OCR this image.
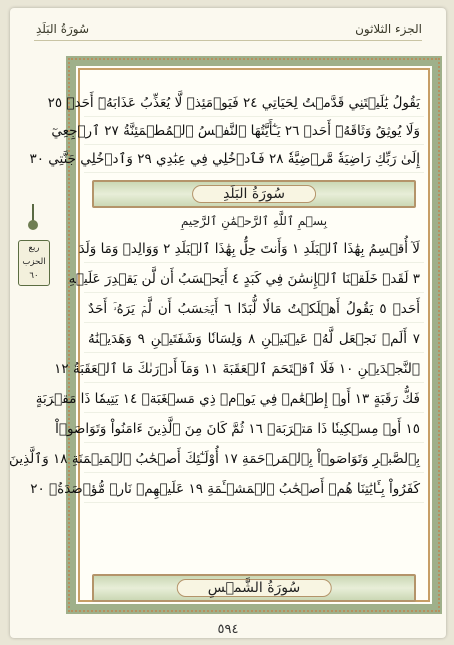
الجزء الثلاثون
سُورَةُ البَلَدِ
ربع
الحزب
٦٠
يَقُولُ يَٰلَيۡتَنِي قَدَّمۡتُ لِحَيَاتِي ٢٤ فَيَوۡمَئِذٖ لَّا يُعَذِّبُ عَذَابَهُۥٓ أَحَدٞ ٢٥
وَلَا يُوثِقُ وَثَاقَهُۥٓ أَحَدٞ ٢٦ يَـٰٓأَيَّتُهَا ٱلنَّفۡسُ ٱلۡمُطۡمَئِنَّةُ ٢٧ ٱرۡجِعِيٓ
إِلَىٰ رَبِّكِ رَاضِيَةٗ مَّرۡضِيَّةٗ ٢٨ فَٱدۡخُلِي فِي عِبَٰدِي ٢٩ وَٱدۡخُلِي جَنَّتِي ٣٠
سُورَةُ البَلَدِ
بِسۡمِ ٱللَّهِ ٱلرَّحۡمَٰنِ ٱلرَّحِيمِ
لَآ أُقۡسِمُ بِهَٰذَا ٱلۡبَلَدِ ١ وَأَنتَ حِلُّۢ بِهَٰذَا ٱلۡبَلَدِ ٢ وَوَالِدٖ وَمَا وَلَدَ
٣ لَقَدۡ خَلَقۡنَا ٱلۡإِنسَٰنَ فِي كَبَدٍ ٤ أَيَحۡسَبُ أَن لَّن يَقۡدِرَ عَلَيۡهِ
أَحَدٞ ٥ يَقُولُ أَهۡلَكۡتُ مَالٗا لُّبَدًا ٦ أَيَحۡسَبُ أَن لَّمۡ يَرَهُۥٓ أَحَدٌ
٧ أَلَمۡ نَجۡعَل لَّهُۥ عَيۡنَيۡنِ ٨ وَلِسَانٗا وَشَفَتَيۡنِ ٩ وَهَدَيۡنَٰهُ
ٱلنَّجۡدَيۡنِ ١٠ فَلَا ٱقۡتَحَمَ ٱلۡعَقَبَةَ ١١ وَمَآ أَدۡرَىٰكَ مَا ٱلۡعَقَبَةُ ١٢
فَكُّ رَقَبَةٍ ١٣ أَوۡ إِطۡعَٰمٞ فِي يَوۡمٖ ذِي مَسۡغَبَةٖ ١٤ يَتِيمٗا ذَا مَقۡرَبَةٍ
١٥ أَوۡ مِسۡكِينٗا ذَا مَتۡرَبَةٖ ١٦ ثُمَّ كَانَ مِنَ ٱلَّذِينَ ءَامَنُواْ وَتَوَاصَوۡاْ
بِٱلصَّبۡرِ وَتَوَاصَوۡاْ بِٱلۡمَرۡحَمَةِ ١٧ أُوْلَـٰٓئِكَ أَصۡحَٰبُ ٱلۡمَيۡمَنَةِ ١٨ وَٱلَّذِينَ
كَفَرُواْ بِـَٔايَٰتِنَا هُمۡ أَصۡحَٰبُ ٱلۡمَشۡـَٔمَةِ ١٩ عَلَيۡهِمۡ نَارٞ مُّؤۡصَدَةُۢ ٢٠
سُورَةُ الشَّمۡسِ
٥٩٤
